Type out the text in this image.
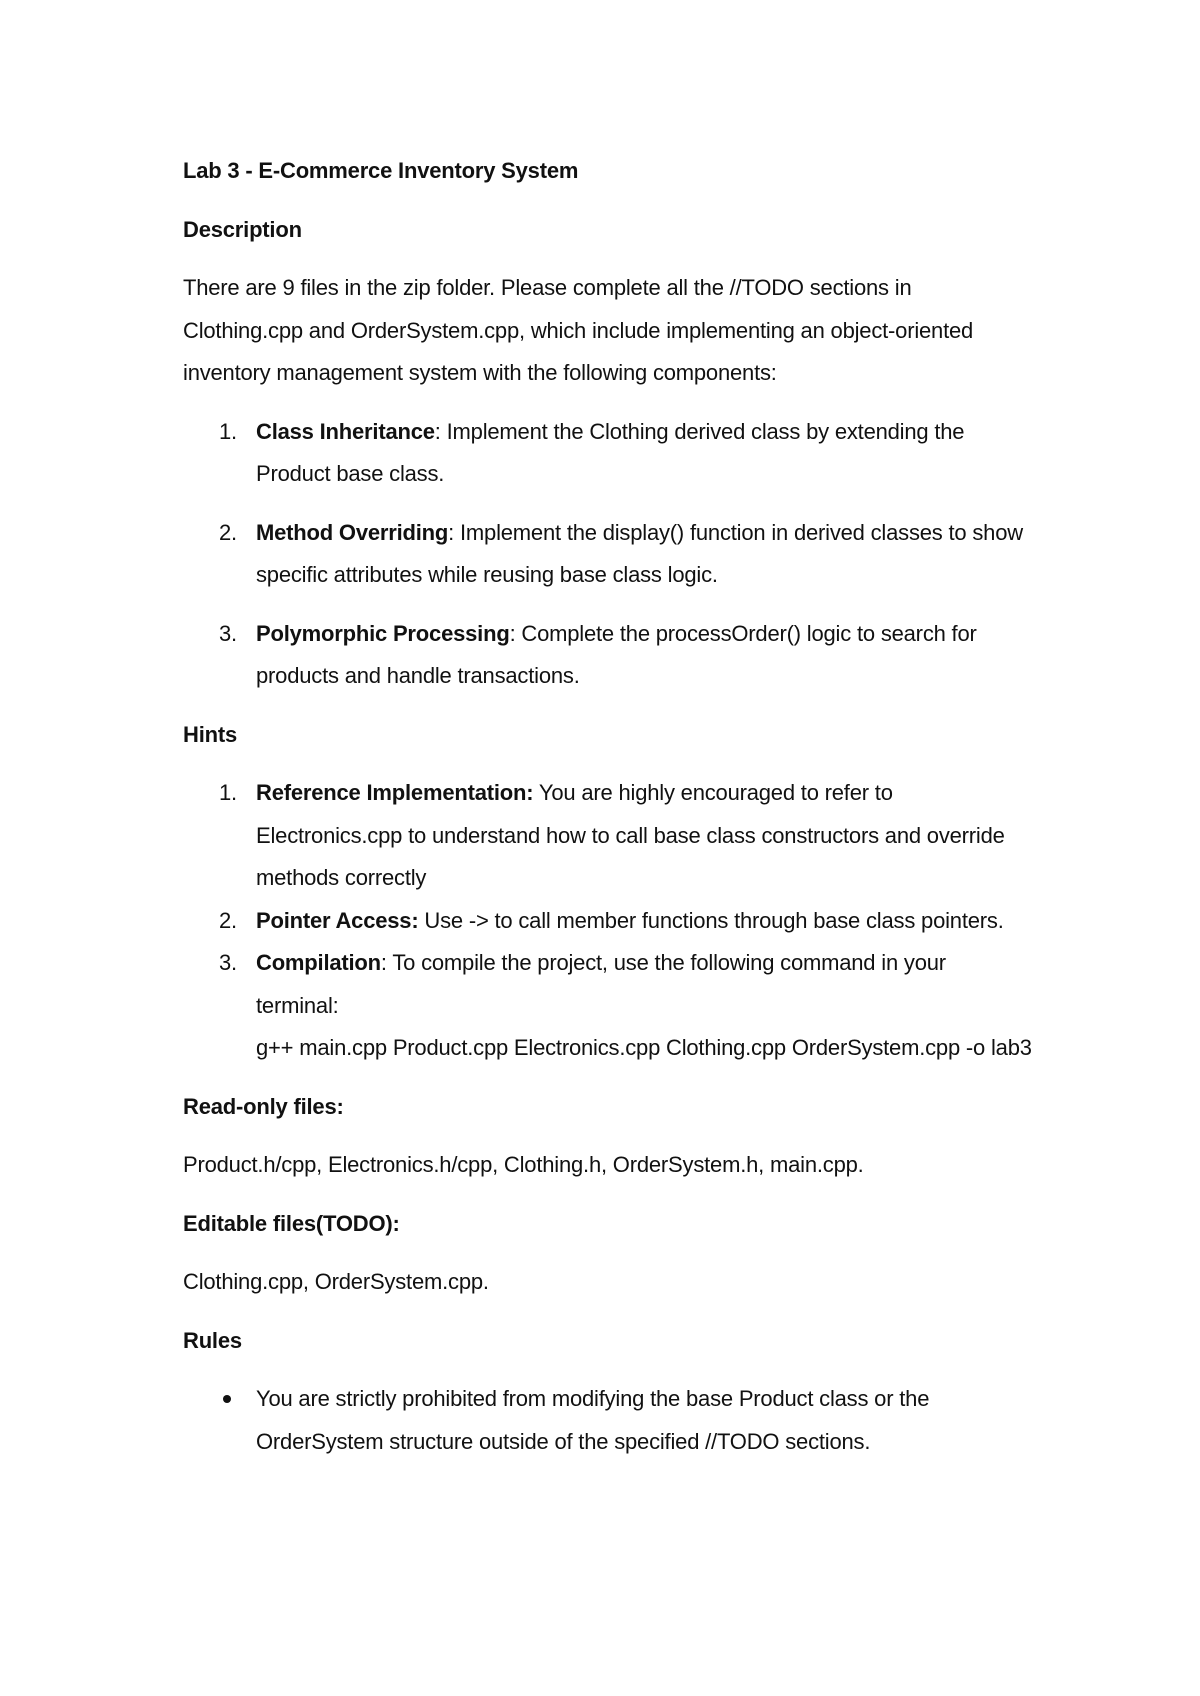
Lab 3 - E-Commerce Inventory System

Description

There are 9 files in the zip folder. Please complete all the //TODO sections in Clothing.cpp and OrderSystem.cpp, which include implementing an object-oriented inventory management system with the following components:

1. Class Inheritance: Implement the Clothing derived class by extending the Product base class.
2. Method Overriding: Implement the display() function in derived classes to show specific attributes while reusing base class logic.
3. Polymorphic Processing: Complete the processOrder() logic to search for products and handle transactions.

Hints

1. Reference Implementation: You are highly encouraged to refer to Electronics.cpp to understand how to call base class constructors and override methods correctly
2. Pointer Access: Use -> to call member functions through base class pointers.
3. Compilation: To compile the project, use the following command in your terminal:
g++ main.cpp Product.cpp Electronics.cpp Clothing.cpp OrderSystem.cpp -o lab3

Read-only files:

Product.h/cpp, Electronics.h/cpp, Clothing.h, OrderSystem.h, main.cpp.

Editable files(TODO):

Clothing.cpp, OrderSystem.cpp.

Rules

You are strictly prohibited from modifying the base Product class or the OrderSystem structure outside of the specified //TODO sections.
